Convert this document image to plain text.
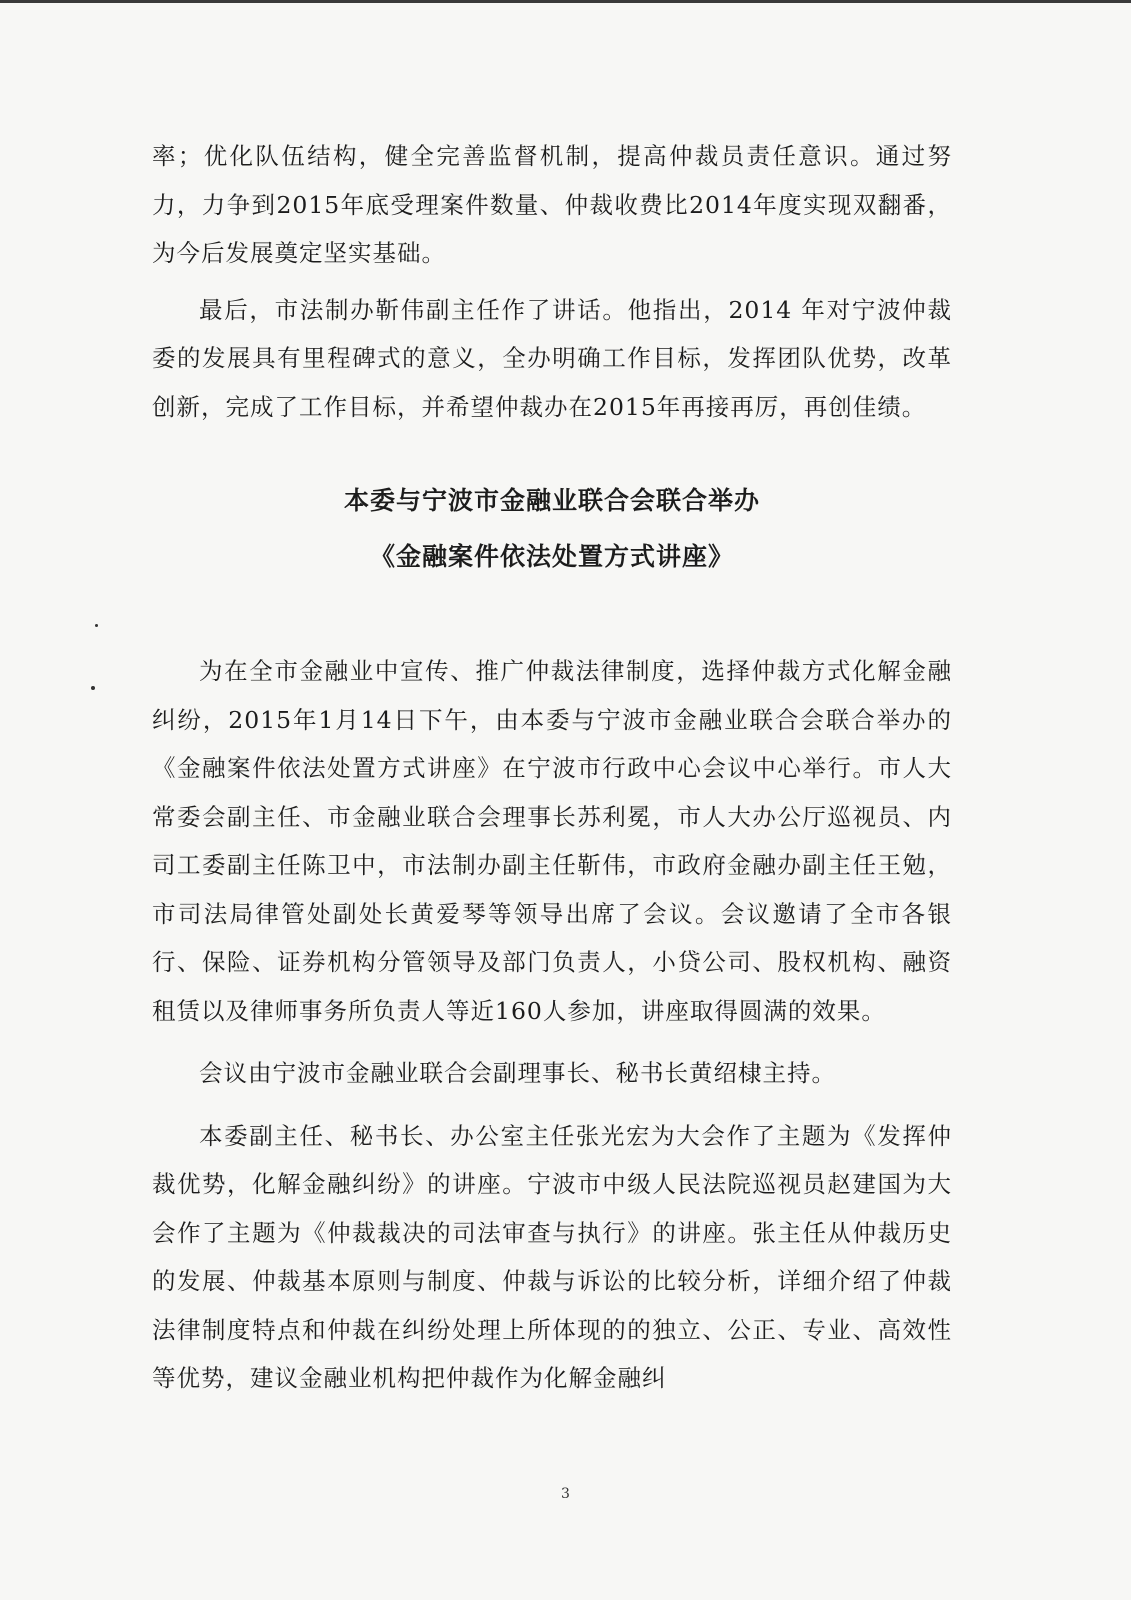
率；优化队伍结构，健全完善监督机制，提高仲裁员责任意识。通过努力，力争到2015年底受理案件数量、仲裁收费比2014年度实现双翻番，为今后发展奠定坚实基础。

最后，市法制办靳伟副主任作了讲话。他指出，2014 年对宁波仲裁委的发展具有里程碑式的意义，全办明确工作目标，发挥团队优势，改革创新，完成了工作目标，并希望仲裁办在2015年再接再厉，再创佳绩。

本委与宁波市金融业联合会联合举办

《金融案件依法处置方式讲座》

为在全市金融业中宣传、推广仲裁法律制度，选择仲裁方式化解金融纠纷，2015年1月14日下午，由本委与宁波市金融业联合会联合举办的《金融案件依法处置方式讲座》在宁波市行政中心会议中心举行。市人大常委会副主任、市金融业联合会理事长苏利冕，市人大办公厅巡视员、内司工委副主任陈卫中，市法制办副主任靳伟，市政府金融办副主任王勉，市司法局律管处副处长黄爱琴等领导出席了会议。会议邀请了全市各银行、保险、证券机构分管领导及部门负责人，小贷公司、股权机构、融资租赁以及律师事务所负责人等近160人参加，讲座取得圆满的效果。

会议由宁波市金融业联合会副理事长、秘书长黄绍棣主持。

本委副主任、秘书长、办公室主任张光宏为大会作了主题为《发挥仲裁优势，化解金融纠纷》的讲座。宁波市中级人民法院巡视员赵建国为大会作了主题为《仲裁裁决的司法审查与执行》的讲座。张主任从仲裁历史的发展、仲裁基本原则与制度、仲裁与诉讼的比较分析，详细介绍了仲裁法律制度特点和仲裁在纠纷处理上所体现的的独立、公正、专业、高效性等优势，建议金融业机构把仲裁作为化解金融纠

3
